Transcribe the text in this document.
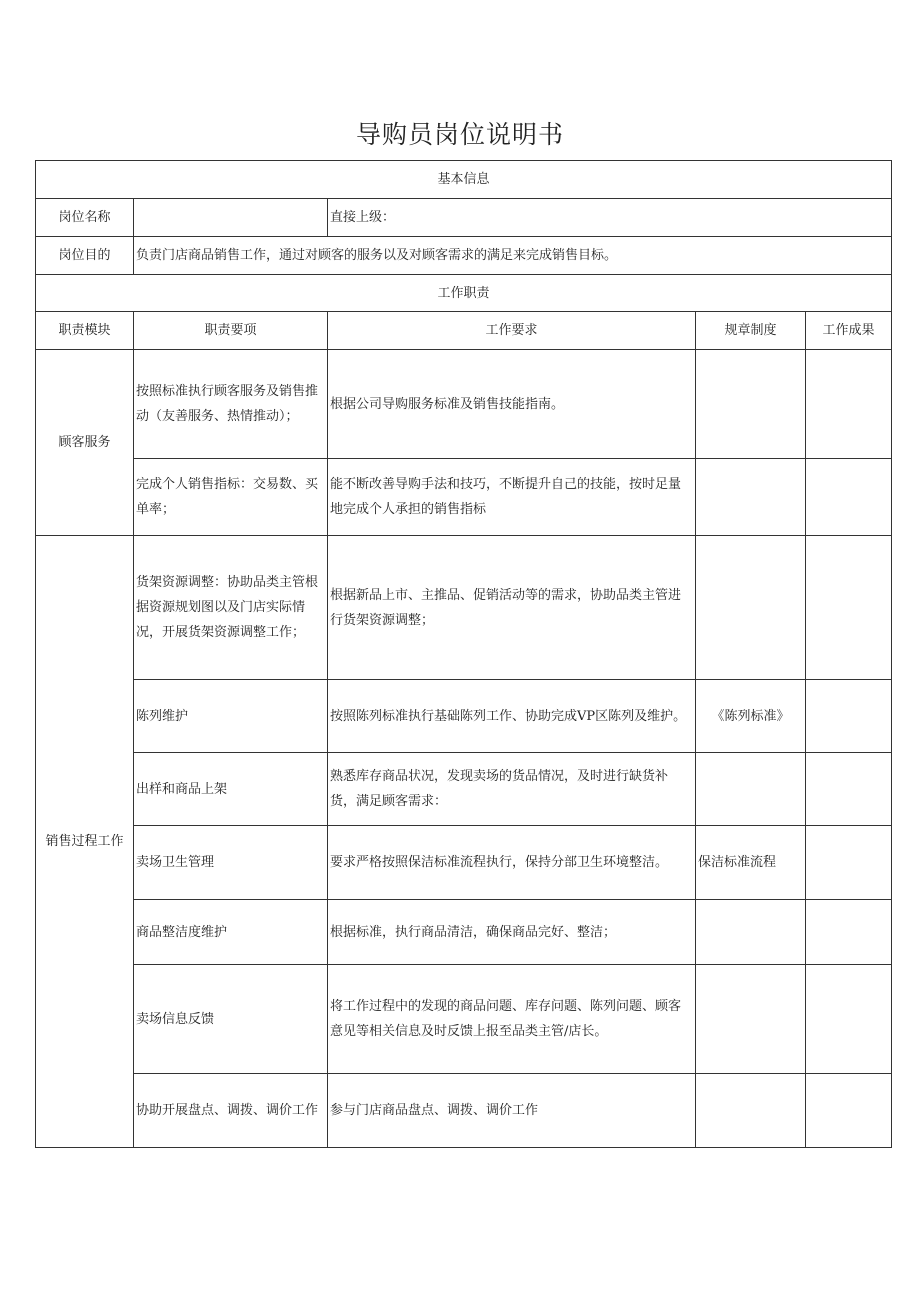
导购员岗位说明书
基本信息				
岗位名称		直接上级：		
岗位目的	负责门店商品销售工作，通过对顾客的服务以及对顾客需求的满足来完成销售目标。			
工作职责				
职责模块	职责要项	工作要求	规章制度	工作成果
顾客服务	按照标准执行顾客服务及销售推动（友善服务、热情推动）；	根据公司导购服务标准及销售技能指南。		
	完成个人销售指标：交易数、买单率；	能不断改善导购手法和技巧，不断提升自己的技能，按时足量地完成个人承担的销售指标		
销售过程工作	货架资源调整：协助品类主管根据资源规划图以及门店实际情况，开展货架资源调整工作；	根据新品上市、主推品、促销活动等的需求，协助品类主管进行货架资源调整；		
	陈列维护	按照陈列标准执行基础陈列工作、协助完成VP区陈列及维护。	《陈列标准》	
	出样和商品上架	熟悉库存商品状况，发现卖场的货品情况，及时进行缺货补货，满足顾客需求：		
	卖场卫生管理	要求严格按照保洁标准流程执行，保持分部卫生环境整洁。	保洁标准流程	
	商品整洁度维护	根据标准，执行商品清洁，确保商品完好、整洁；		
	卖场信息反馈	将工作过程中的发现的商品问题、库存问题、陈列问题、顾客意见等相关信息及时反馈上报至品类主管/店长。		
	协助开展盘点、调拨、调价工作	参与门店商品盘点、调拨、调价工作		
